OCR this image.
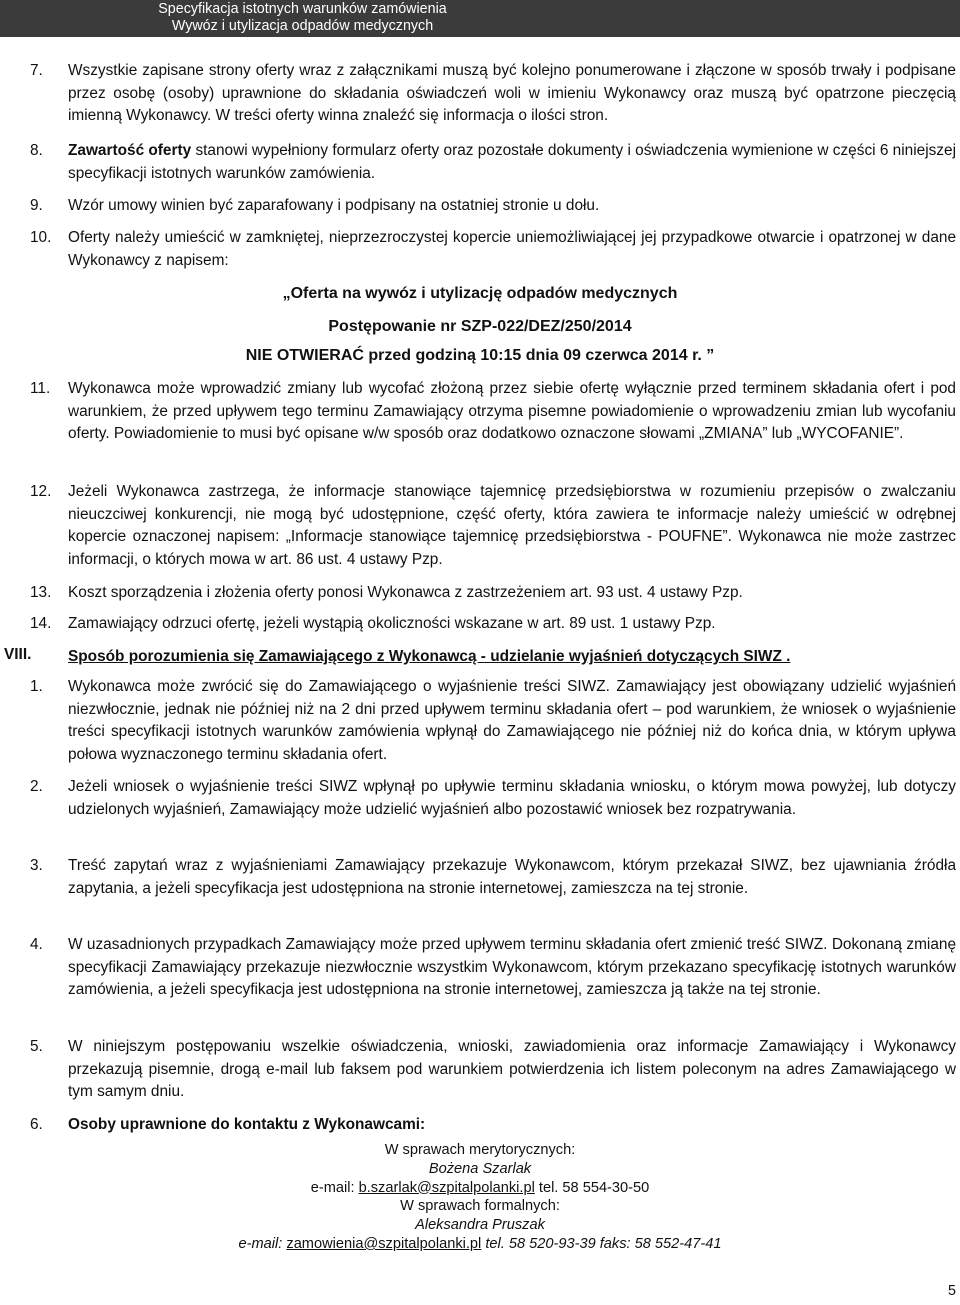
Specyfikacja istotnych warunków zamówienia
Wywóz i utylizacja odpadów medycznych
7.	Wszystkie zapisane strony oferty wraz z załącznikami muszą być kolejno ponumerowane i złączone w sposób trwały i podpisane przez osobę (osoby) uprawnione do składania oświadczeń woli w imieniu Wykonawcy oraz muszą być opatrzone pieczęcią imienną Wykonawcy. W treści oferty winna znaleźć się informacja o ilości stron.
8.	Zawartość oferty stanowi wypełniony formularz oferty oraz pozostałe dokumenty i oświadczenia wymienione w części 6 niniejszej specyfikacji istotnych warunków zamówienia.
9.	Wzór umowy winien być zaparafowany i podpisany na ostatniej stronie u dołu.
10.	Oferty należy umieścić w zamkniętej, nieprzezroczystej kopercie uniemożliwiającej jej przypadkowe otwarcie i opatrzonej w dane Wykonawcy z napisem:
„Oferta na wywóz i utylizację odpadów medycznych
Postępowanie nr SZP-022/DEZ/250/2014
NIE OTWIERAĆ przed godziną 10:15 dnia 09 czerwca 2014 r. ”
11.	Wykonawca może wprowadzić zmiany lub wycofać złożoną przez siebie ofertę wyłącznie przed terminem składania ofert i pod warunkiem, że przed upływem tego terminu Zamawiający otrzyma pisemne powiadomienie o wprowadzeniu zmian lub wycofaniu oferty. Powiadomienie to musi być opisane w/w sposób oraz dodatkowo oznaczone słowami „ZMIANA” lub „WYCOFANIE”.
12.	Jeżeli Wykonawca zastrzega, że informacje stanowiące tajemnicę przedsiębiorstwa w rozumieniu przepisów o zwalczaniu nieuczciwej konkurencji, nie mogą być udostępnione, część oferty, która zawiera te informacje należy umieścić w odrębnej kopercie oznaczonej napisem: „Informacje stanowiące tajemnicę przedsiębiorstwa - POUFNE”. Wykonawca nie może zastrzec informacji, o których mowa w art. 86 ust. 4 ustawy Pzp.
13.	Koszt sporządzenia i złożenia oferty ponosi Wykonawca z zastrzeżeniem art. 93 ust. 4 ustawy Pzp.
14.	Zamawiający odrzuci ofertę, jeżeli wystąpią okoliczności wskazane w art. 89 ust. 1 ustawy Pzp.
VIII. Sposób porozumienia się Zamawiającego z Wykonawcą - udzielanie wyjaśnień dotyczących SIWZ .
1.	Wykonawca może zwrócić się do Zamawiającego o wyjaśnienie treści SIWZ. Zamawiający jest obowiązany udzielić wyjaśnień niezwłocznie, jednak nie później niż na 2 dni przed upływem terminu składania ofert – pod warunkiem, że wniosek o wyjaśnienie treści specyfikacji istotnych warunków zamówienia wpłynął do Zamawiającego nie później niż do końca dnia, w którym upływa połowa wyznaczonego terminu składania ofert.
2.	Jeżeli wniosek o wyjaśnienie treści SIWZ wpłynął po upływie terminu składania wniosku, o którym mowa powyżej, lub dotyczy udzielonych wyjaśnień, Zamawiający może udzielić wyjaśnień albo pozostawić wniosek bez rozpatrywania.
3.	Treść zapytań wraz z wyjaśnieniami Zamawiający przekazuje Wykonawcom, którym przekazał SIWZ, bez ujawniania źródła zapytania, a jeżeli specyfikacja jest udostępniona na stronie internetowej, zamieszcza na tej stronie.
4.	W uzasadnionych przypadkach Zamawiający może przed upływem terminu składania ofert zmienić treść SIWZ. Dokonaną zmianę specyfikacji Zamawiający przekazuje niezwłocznie wszystkim Wykonawcom, którym przekazano specyfikację istotnych warunków zamówienia, a jeżeli specyfikacja jest udostępniona na stronie internetowej, zamieszcza ją także na tej stronie.
5.	W niniejszym postępowaniu wszelkie oświadczenia, wnioski, zawiadomienia oraz informacje Zamawiający i Wykonawcy przekazują pisemnie, drogą e-mail lub faksem pod warunkiem potwierdzenia ich listem poleconym na adres Zamawiającego w tym samym dniu.
6.	Osoby uprawnione do kontaktu z Wykonawcami:
W sprawach merytorycznych:
Bożena Szarlak
e-mail: b.szarlak@szpitalpolanki.pl tel. 58 554-30-50
W sprawach formalnych:
Aleksandra Pruszak
e-mail: zamowienia@szpitalpolanki.pl tel. 58 520-93-39 faks: 58 552-47-41
5
